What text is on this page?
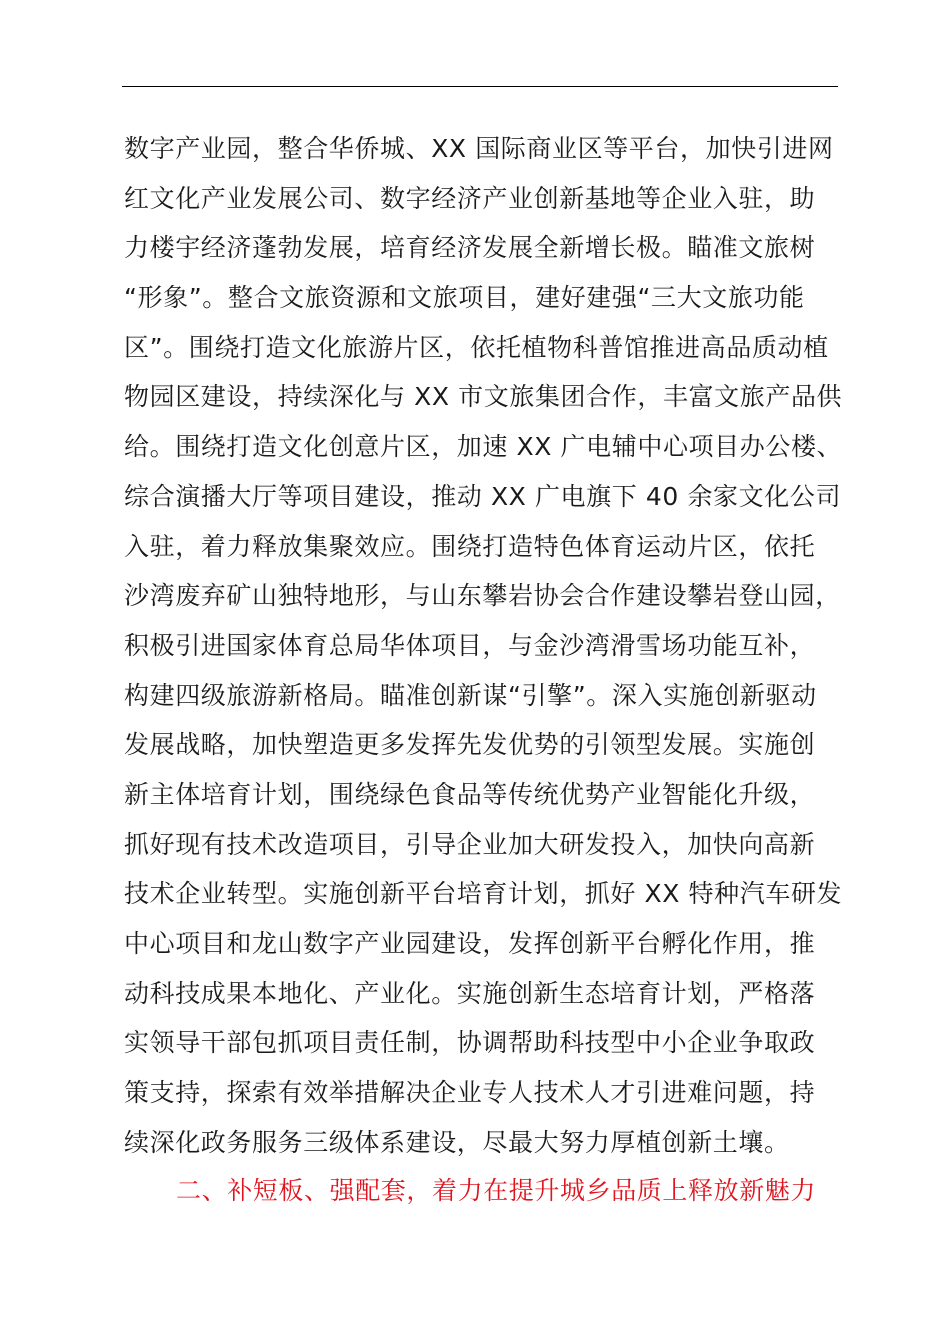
数字产业园，整合华侨城、XX 国际商业区等平台，加快引进网
红文化产业发展公司、数字经济产业创新基地等企业入驻，助
力楼宇经济蓬勃发展，培育经济发展全新增长极。瞄准文旅树
“形象”。整合文旅资源和文旅项目，建好建强“三大文旅功能
区”。围绕打造文化旅游片区，依托植物科普馆推进高品质动植
物园区建设，持续深化与 XX 市文旅集团合作，丰富文旅产品供
给。围绕打造文化创意片区，加速 XX 广电辅中心项目办公楼、
综合演播大厅等项目建设，推动 XX 广电旗下 40 余家文化公司
入驻，着力释放集聚效应。围绕打造特色体育运动片区，依托
沙湾废弃矿山独特地形，与山东攀岩协会合作建设攀岩登山园，
积极引进国家体育总局华体项目，与金沙湾滑雪场功能互补，
构建四级旅游新格局。瞄准创新谋“引擎”。深入实施创新驱动
发展战略，加快塑造更多发挥先发优势的引领型发展。实施创
新主体培育计划，围绕绿色食品等传统优势产业智能化升级，
抓好现有技术改造项目，引导企业加大研发投入，加快向高新
技术企业转型。实施创新平台培育计划，抓好 XX 特种汽车研发
中心项目和龙山数字产业园建设，发挥创新平台孵化作用，推
动科技成果本地化、产业化。实施创新生态培育计划，严格落
实领导干部包抓项目责任制，协调帮助科技型中小企业争取政
策支持，探索有效举措解决企业专人技术人才引进难问题，持
续深化政务服务三级体系建设，尽最大努力厚植创新土壤。
二、补短板、强配套，着力在提升城乡品质上释放新魅力
